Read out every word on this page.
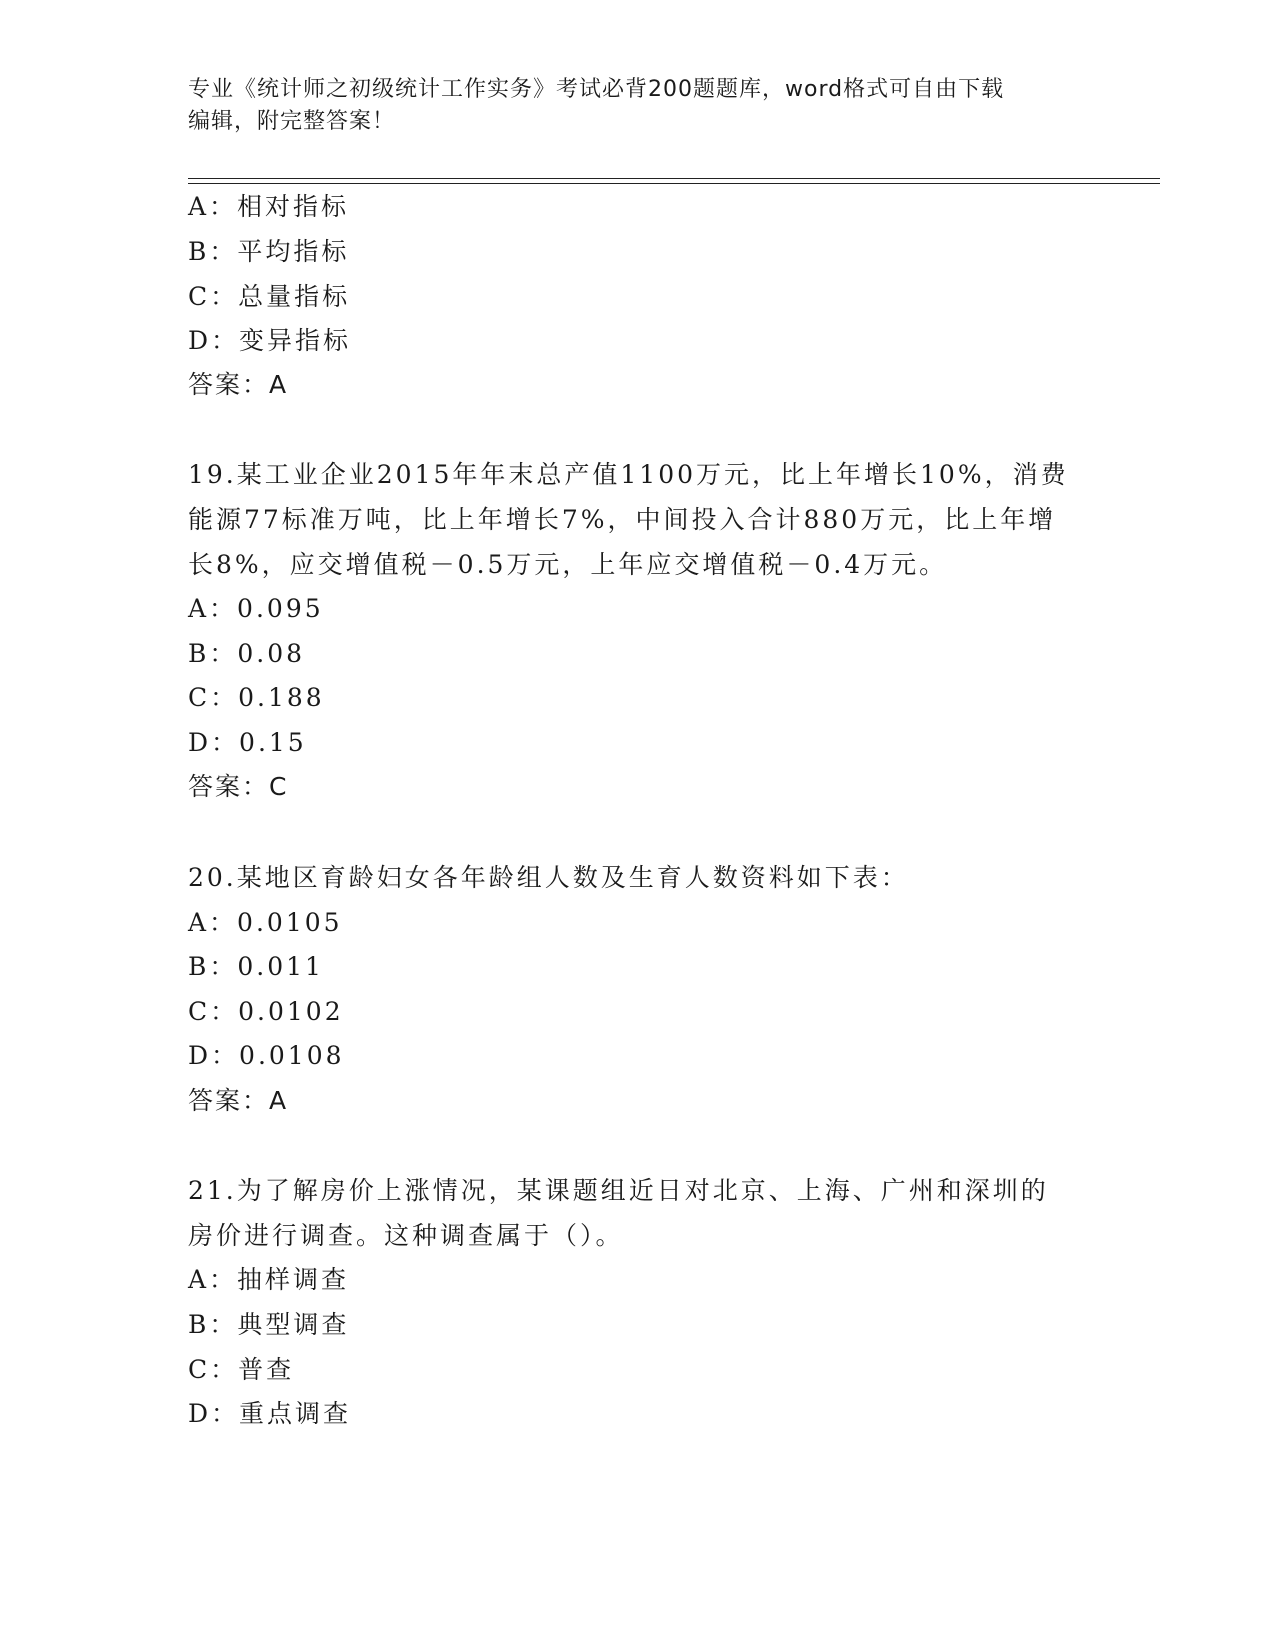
专业《统计师之初级统计工作实务》考试必背200题题库，word格式可自由下载
编辑，附完整答案！
A：相对指标
B：平均指标
C：总量指标
D：变异指标
答案：A
19.某工业企业2015年年末总产值1100万元，比上年增长10%，消费
能源77标准万吨，比上年增长7%，中间投入合计880万元，比上年增
长8%，应交增值税－0.5万元，上年应交增值税－0.4万元。
A：0.095
B：0.08
C：0.188
D：0.15
答案：C
20.某地区育龄妇女各年龄组人数及生育人数资料如下表：
A：0.0105
B：0.011
C：0.0102
D：0.0108
答案：A
21.为了解房价上涨情况，某课题组近日对北京、上海、广州和深圳的
房价进行调查。这种调查属于（）。
A：抽样调查
B：典型调查
C：普查
D：重点调查
